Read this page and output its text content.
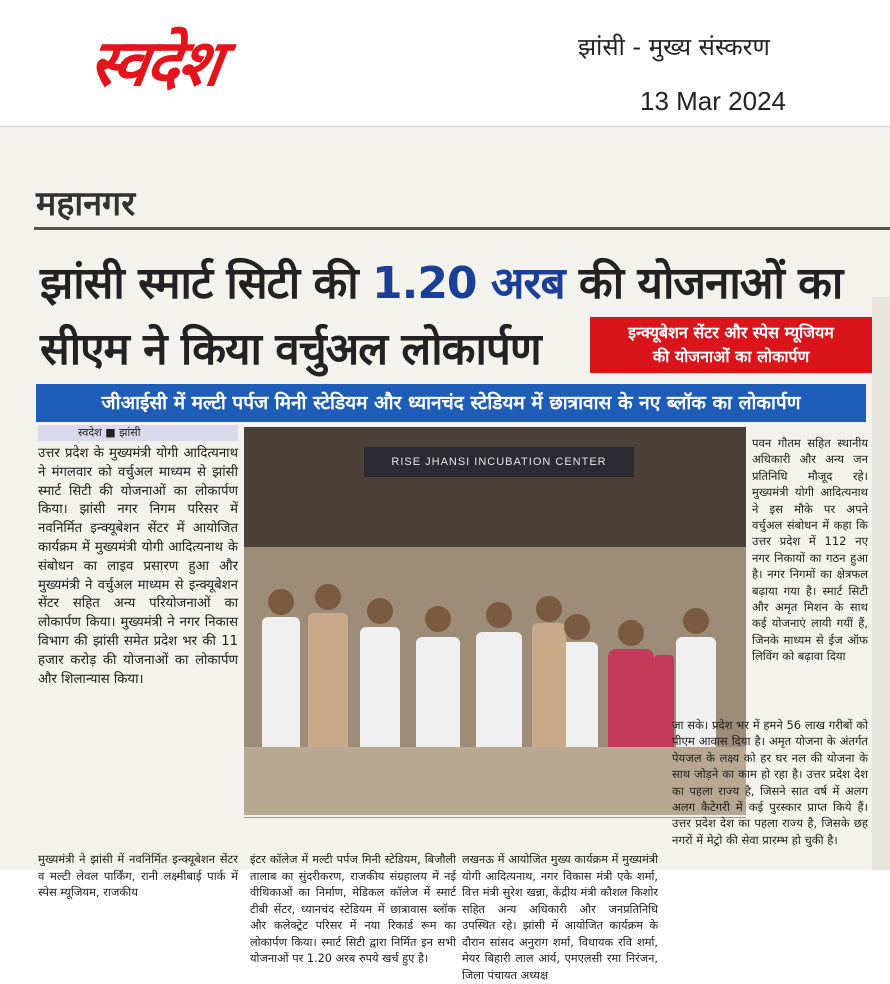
स्वदेश	झांसी - मुख्य संस्करण
13 Mar 2024
महानगर
झांसी स्मार्ट सिटी की 1.20 अरब की योजनाओं का
सीएम ने किया वर्चुअल लोकार्पण	इन्क्यूबेशन सेंटर और स्पेस म्यूजियम
की योजनाओं का लोकार्पण
जीआईसी में मल्टी पर्पज मिनी स्टेडियम और ध्यानचंद स्टेडियम में छात्रावास के नए ब्लॉक का लोकार्पण
स्वदेश ■ झांसी
उत्तर प्रदेश के मुख्यमंत्री योगी आदित्यनाथ ने मंगलवार को वर्चुअल माध्यम से झांसी स्मार्ट सिटी की योजनाओं का लोकार्पण किया। झांसी नगर निगम परिसर में नवनिर्मित इन्क्यूबेशन सेंटर में आयोजित कार्यक्रम में मुख्यमंत्री योगी आदित्यनाथ के संबोधन का लाइव प्रसारण हुआ और मुख्यमंत्री ने वर्चुअल माध्यम से इन्क्यूबेशन सेंटर सहित अन्य परियोजनाओं का लोकार्पण किया। मुख्यमंत्री ने नगर निकास विभाग की झांसी समेत प्रदेश भर की 11 हजार करोड़ की योजनाओं का लोकार्पण और शिलान्यास किया।
मुख्यमंत्री ने झांसी में नवनिर्मित इन्क्यूबेशन सेंटर व मल्टी लेवल पार्किंग, रानी लक्ष्मीबाई पार्क में स्पेस म्यूजियम, राजकीय
RISE JHANSI INCUBATION CENTER
इंटर कॉलेज में मल्टी पर्पज मिनी स्टेडियम, बिजौली तालाब का सुंदरीकरण, राजकीय संग्रहालय में नई वीथिकाओं का निर्माण, मेडिकल कॉलेज में स्मार्ट टीबी सेंटर, ध्यानचंद स्टेडियम में छात्रावास ब्लॉक और कलेक्ट्रेट परिसर में नया रिकार्ड रूम का लोकार्पण किया। स्मार्ट सिटी द्वारा निर्मित इन सभी योजनाओं पर 1.20 अरब रुपये खर्च हुए है।
लखनऊ में आयोजित मुख्य कार्यक्रम में मुख्यमंत्री योगी आदित्यनाथ, नगर विकास मंत्री एके शर्मा, वित्त मंत्री सुरेश खन्ना, केंद्रीय मंत्री कौशल किशोर सहित अन्य अधिकारी और जनप्रतिनिधि उपस्थित रहे। झांसी में आयोजित कार्यक्रम के दौरान सांसद अनुराग शर्मा, विधायक रवि शर्मा, मेयर बिहारी लाल आर्य, एमएलसी रमा निरंजन, जिला पंचायत अध्यक्ष
पवन गौतम सहित स्थानीय अधिकारी और अन्य जन प्रतिनिधि मौजूद रहे। मुख्यमंत्री योगी आदित्यनाथ ने इस मौके पर अपने वर्चुअल संबोधन में कहा कि उत्तर प्रदेश में 112 नए नगर निकायों का गठन हुआ है। नगर निगमों का क्षेत्रफल बढ़ाया गया है। स्मार्ट सिटी और अमृत मिशन के साथ कई योजनाएं लायी गयीं हैं, जिनके माध्यम से ईज ऑफ लिविंग को बढ़ावा दिया
जा सके। प्रदेश भर में हमने 56 लाख गरीबों को पीएम आवास दिया है। अमृत योजना के अंतर्गत पेयजल के लक्ष्य को हर घर नल की योजना के साथ जोड़ने का काम हो रहा है। उत्तर प्रदेश देश का पहला राज्य है, जिसने सात वर्ष में अलग अलग कैटेगरी में कई पुरस्कार प्राप्त किये हैं। उत्तर प्रदेश देश का पहला राज्य है, जिसके छह नगरों में मेट्रो की सेवा प्रारम्भ हो चुकी है।
